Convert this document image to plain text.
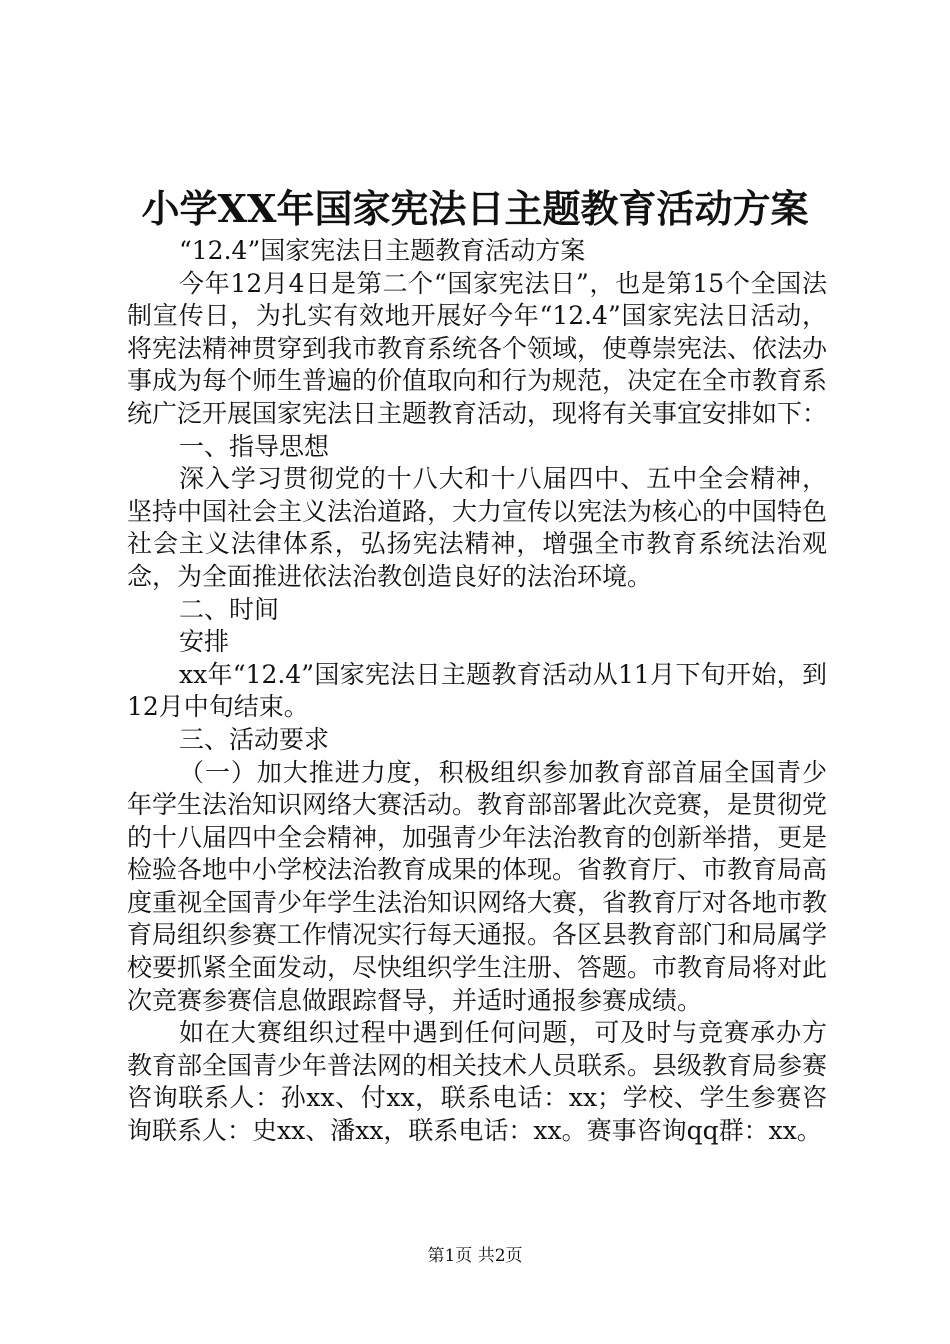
小学XX年国家宪法日主题教育活动方案

“12.4”国家宪法日主题教育活动方案

今年12月4日是第二个“国家宪法日”，也是第15个全国法制宣传日，为扎实有效地开展好今年“12.4”国家宪法日活动，将宪法精神贯穿到我市教育系统各个领域，使尊崇宪法、依法办事成为每个师生普遍的价值取向和行为规范，决定在全市教育系统广泛开展国家宪法日主题教育活动，现将有关事宜安排如下：

一、指导思想

深入学习贯彻党的十八大和十八届四中、五中全会精神，坚持中国社会主义法治道路，大力宣传以宪法为核心的中国特色社会主义法律体系，弘扬宪法精神，增强全市教育系统法治观念，为全面推进依法治教创造良好的法治环境。

二、时间

安排

xx年“12.4”国家宪法日主题教育活动从11月下旬开始，到12月中旬结束。

三、活动要求

（一）加大推进力度，积极组织参加教育部首届全国青少年学生法治知识网络大赛活动。教育部部署此次竞赛，是贯彻党的十八届四中全会精神，加强青少年法治教育的创新举措，更是检验各地中小学校法治教育成果的体现。省教育厅、市教育局高度重视全国青少年学生法治知识网络大赛，省教育厅对各地市教育局组织参赛工作情况实行每天通报。各区县教育部门和局属学校要抓紧全面发动，尽快组织学生注册、答题。市教育局将对此次竞赛参赛信息做跟踪督导，并适时通报参赛成绩。

如在大赛组织过程中遇到任何问题，可及时与竞赛承办方教育部全国青少年普法网的相关技术人员联系。县级教育局参赛咨询联系人：孙xx、付xx，联系电话：xx；学校、学生参赛咨询联系人：史xx、潘xx，联系电话：xx。赛事咨询qq群：xx。

第1页 共2页
